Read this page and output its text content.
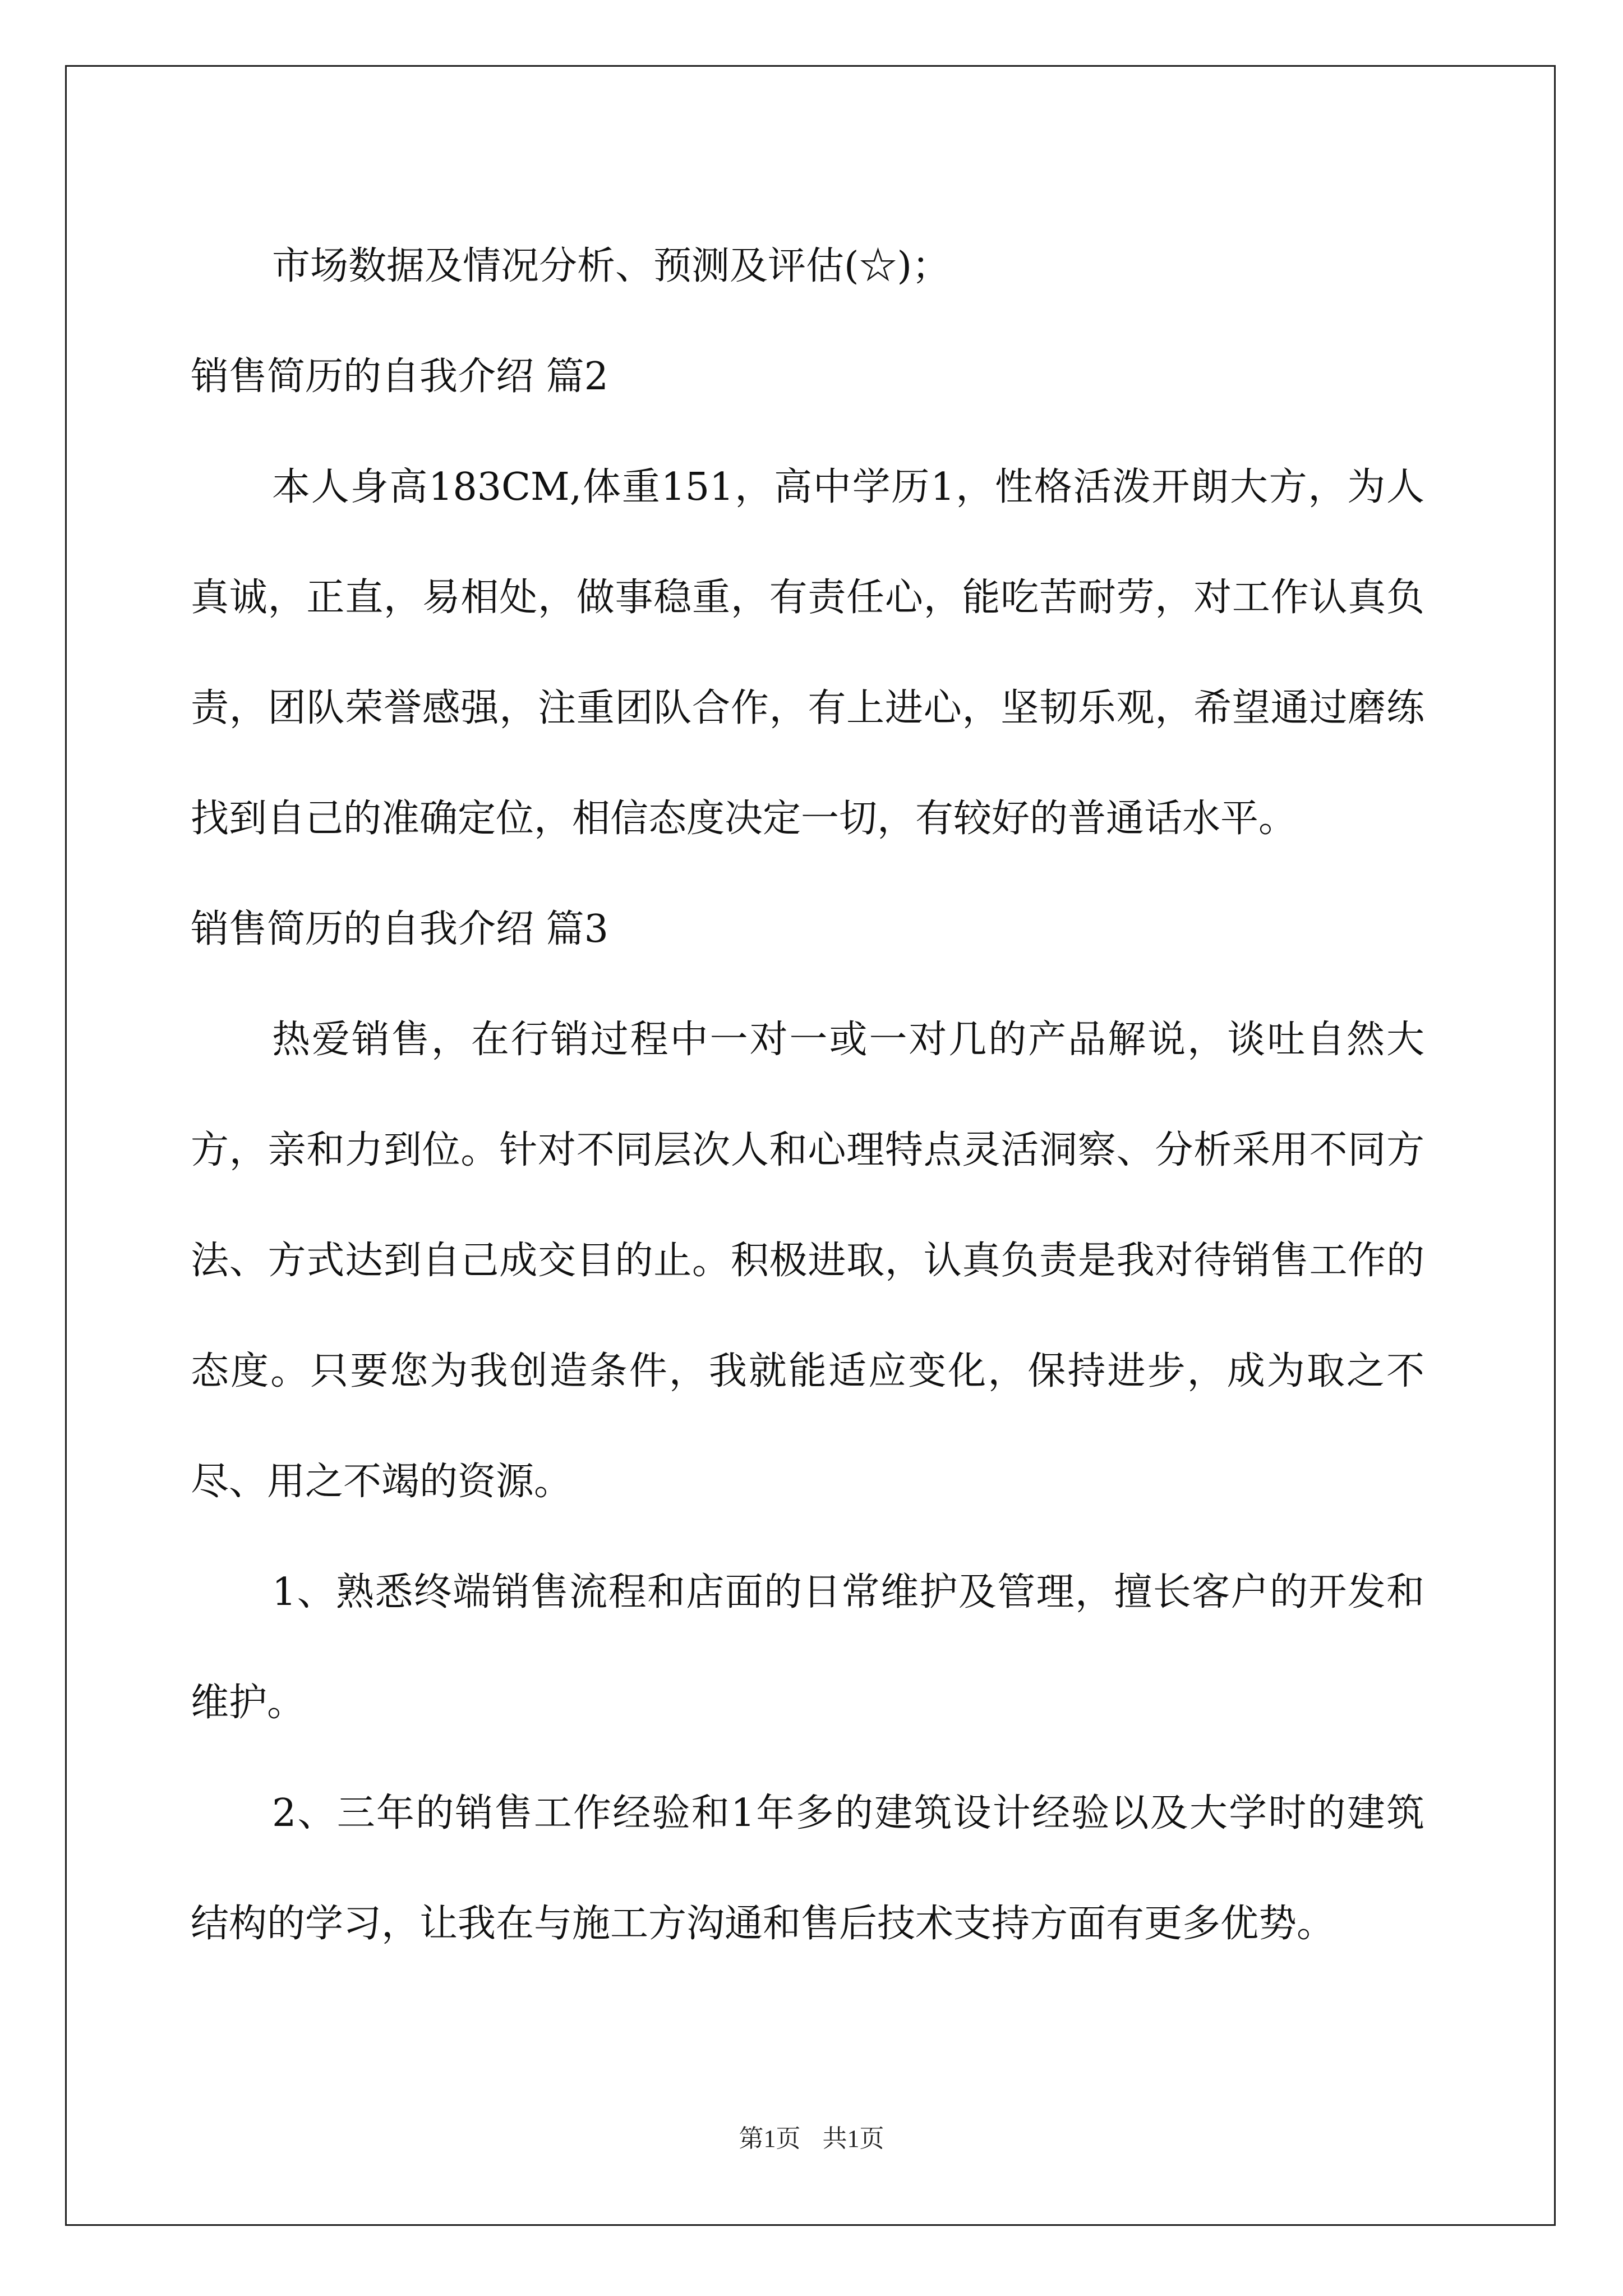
市场数据及情况分析、预测及评估(☆)；

销售简历的自我介绍 篇2

本人身高183CM,体重151，高中学历1，性格活泼开朗大方，为人真诚，正直，易相处，做事稳重，有责任心，能吃苦耐劳，对工作认真负责，团队荣誉感强，注重团队合作，有上进心，坚韧乐观，希望通过磨练找到自己的准确定位，相信态度决定一切，有较好的普通话水平。

销售简历的自我介绍 篇3

热爱销售，在行销过程中一对一或一对几的产品解说，谈吐自然大方，亲和力到位。针对不同层次人和心理特点灵活洞察、分析采用不同方法、方式达到自己成交目的止。积极进取，认真负责是我对待销售工作的态度。只要您为我创造条件，我就能适应变化，保持进步，成为取之不尽、用之不竭的资源。

1、熟悉终端销售流程和店面的日常维护及管理，擅长客户的开发和维护。

2、三年的销售工作经验和1年多的建筑设计经验以及大学时的建筑结构的学习，让我在与施工方沟通和售后技术支持方面有更多优势。

第1页 共1页
